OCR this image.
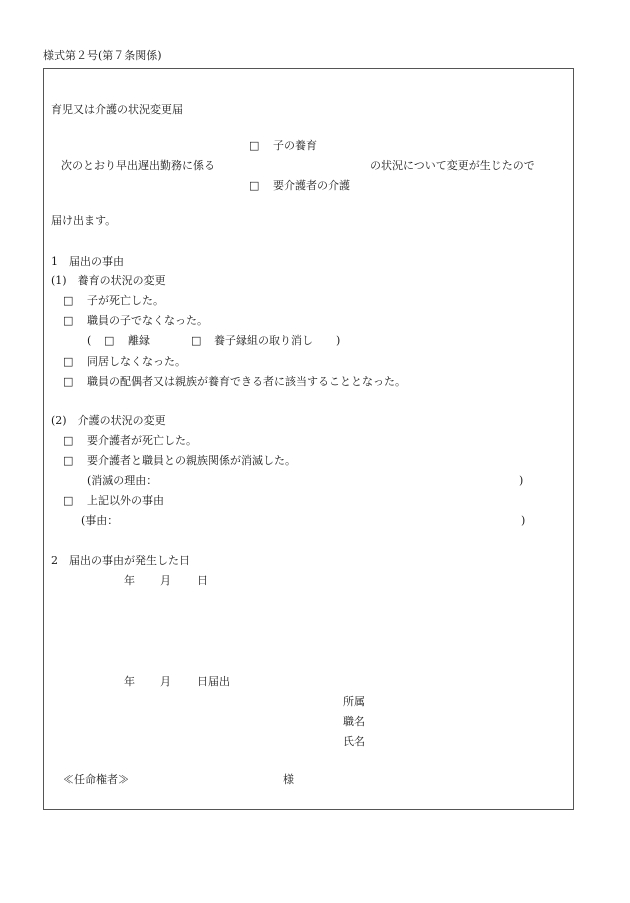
様式第２号(第７条関係)
育児又は介護の状況変更届
□ 子の養育
次のとおり早出遅出勤務に係る	の状況について変更が生じたので
□ 要介護者の介護
届け出ます。
1　届出の事由
(1)　養育の状況の変更
□ 子が死亡した。
□ 職員の子でなくなった。
( □ 離縁	□ 養子縁組の取り消し )
□ 同居しなくなった。
□ 職員の配偶者又は親族が養育できる者に該当することとなった。
(2)　介護の状況の変更
□ 要介護者が死亡した。
□ 要介護者と職員との親族関係が消滅した。
(消滅の理由：	)
□ 上記以外の事由
(事由：	)
2　届出の事由が発生した日
年 月 日
年 月 日届出
所属
職名
氏名
≪任命権者≫	様
